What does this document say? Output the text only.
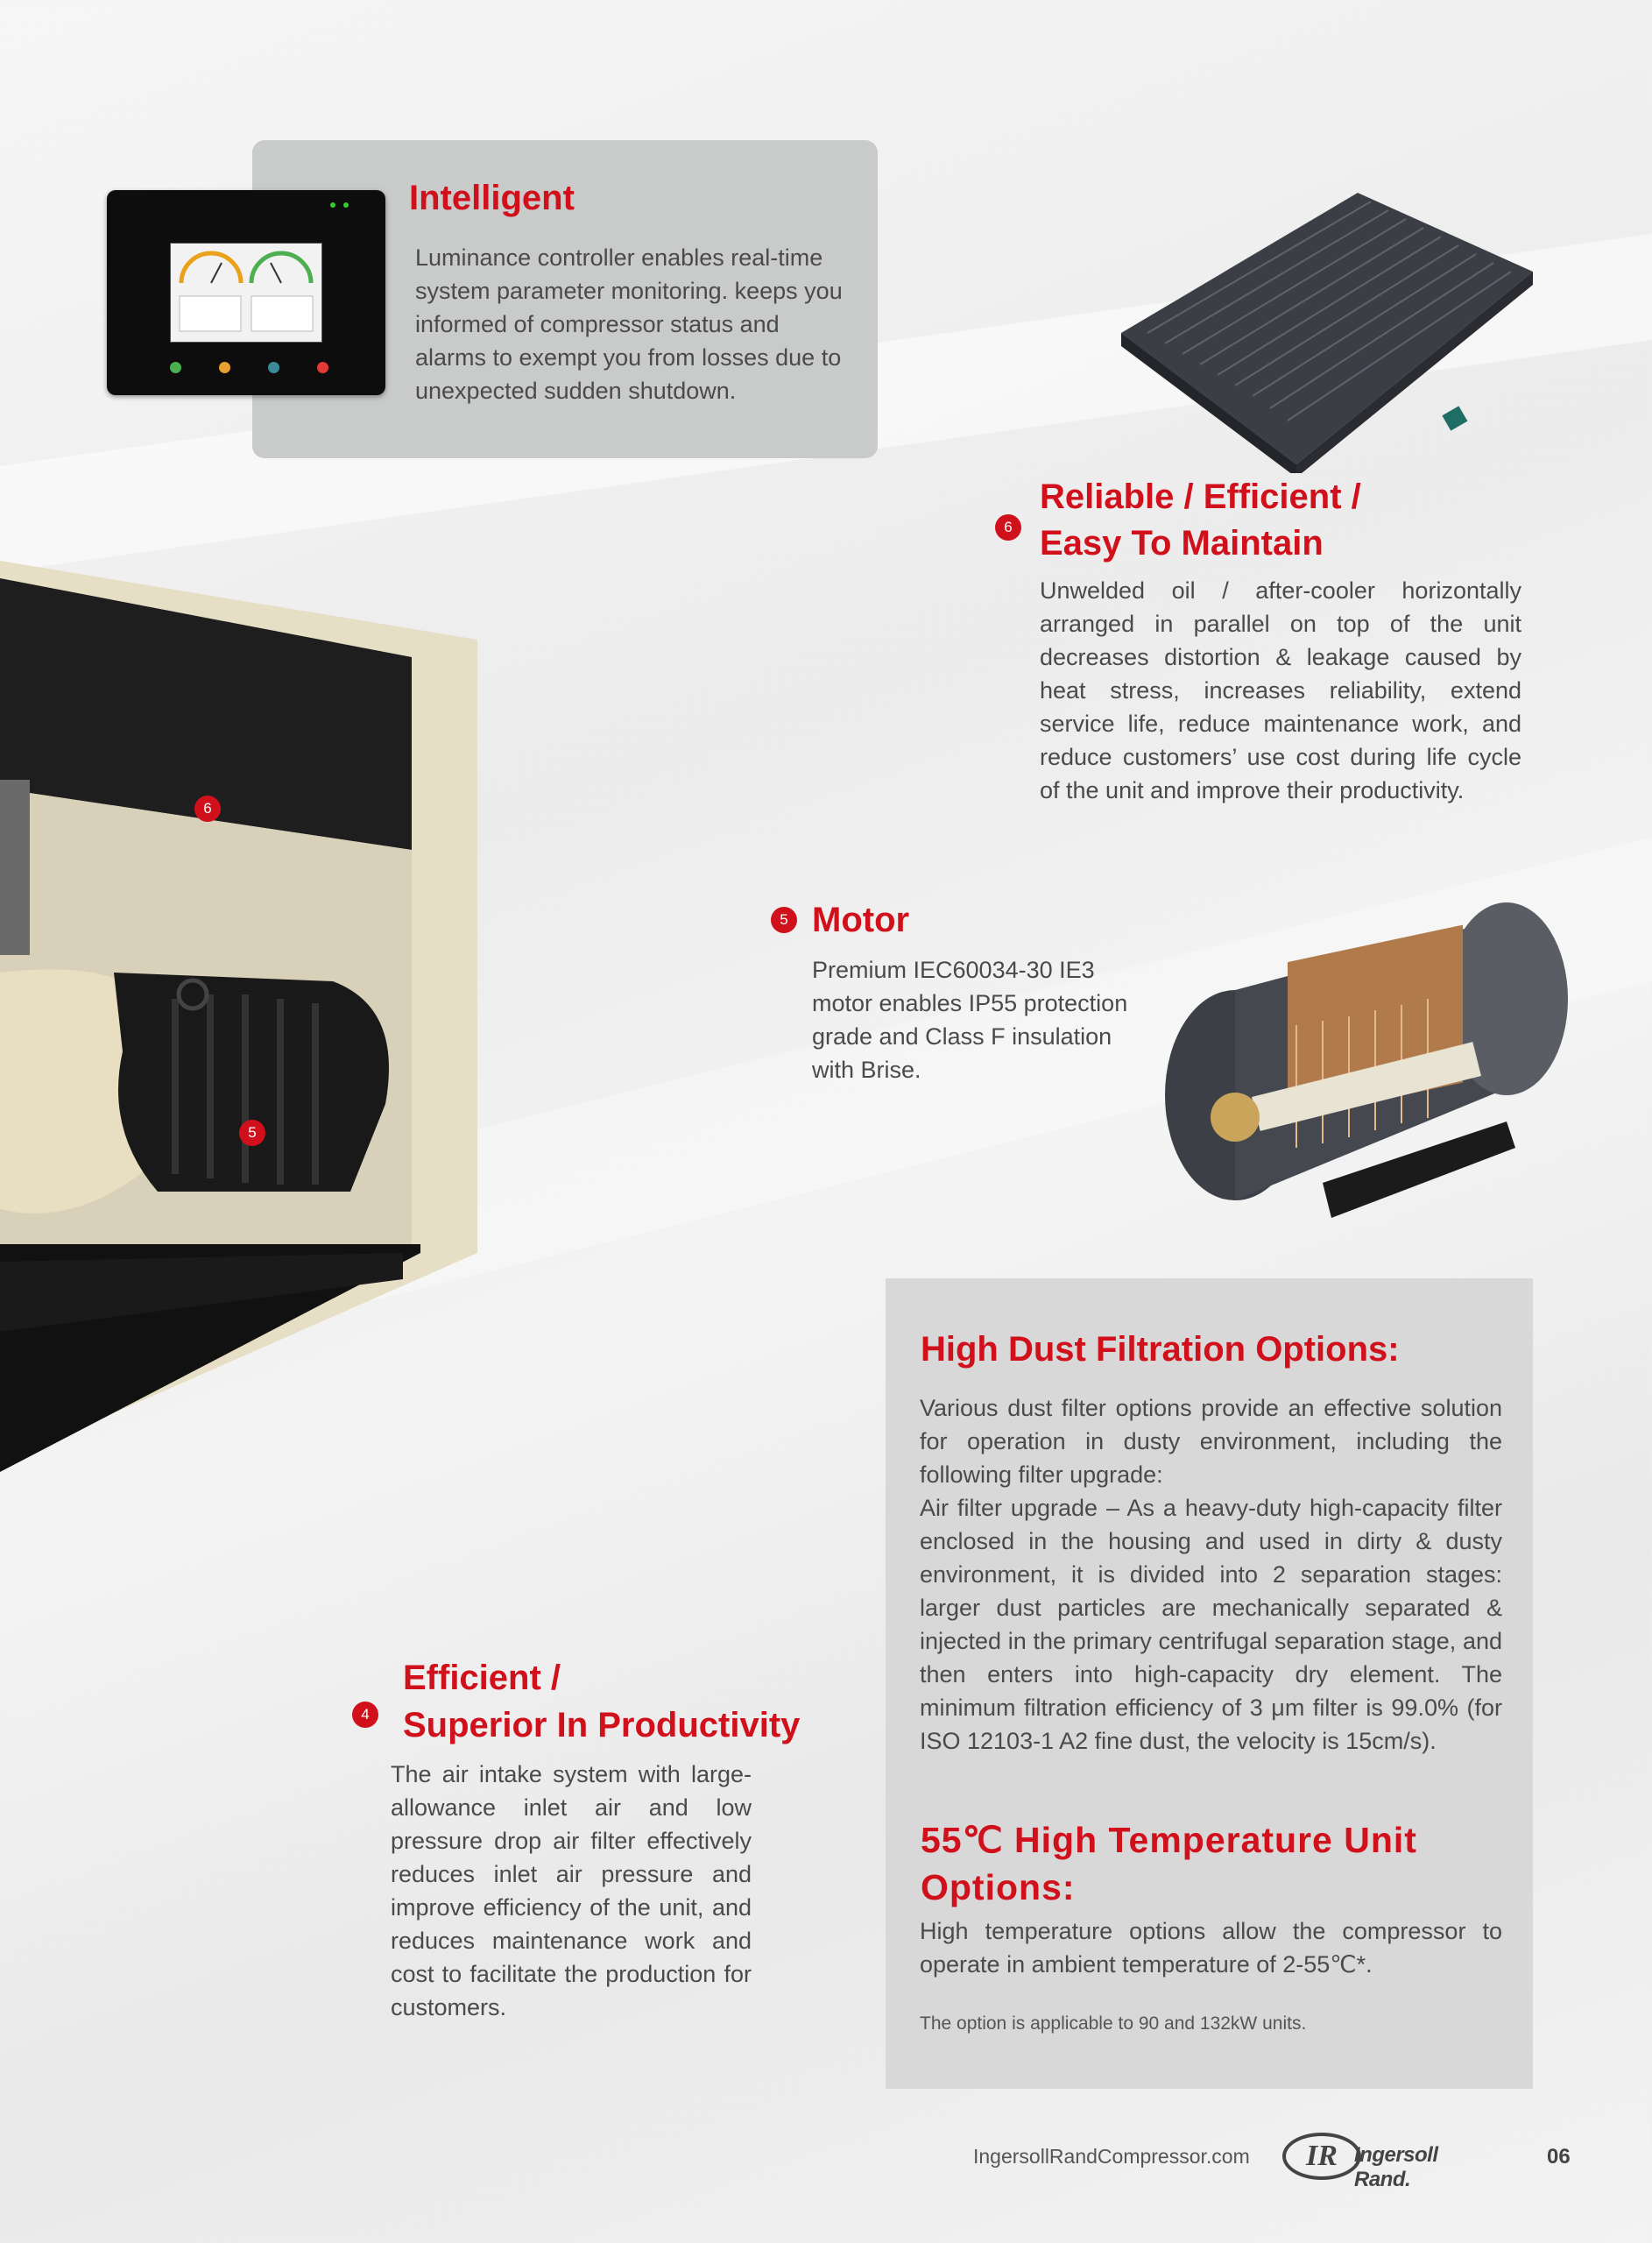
Intelligent
Luminance controller enables real-time system parameter monitoring. keeps you informed of compressor status and alarms to exempt you from losses due to unexpected sudden shutdown.
6
Reliable / Efficient /
Easy To Maintain
Unwelded oil / after-cooler horizontally arranged in parallel on top of the unit decreases distortion & leakage caused by heat stress, increases reliability, extend service life, reduce maintenance work, and reduce customers’ use cost during life cycle of the unit and improve their productivity.
6
5
5 Motor
Premium IEC60034-30 IE3 motor enables IP55 protection grade and Class F insulation with Brise.
High Dust Filtration Options:
Various dust filter options provide an effective solution for operation in dusty environment, including the following filter upgrade:
Air filter upgrade – As a heavy-duty high-capacity filter enclosed in the housing and used in dirty & dusty environment, it is divided into 2 separation stages: larger dust particles are mechanically separated & injected in the primary centrifugal separation stage, and then enters into high-capacity dry element. The minimum filtration efficiency of 3 μm filter is 99.0% (for ISO 12103-1 A2 fine dust, the velocity is 15cm/s).
55℃ High Temperature Unit Options:
High temperature options allow the compressor to operate in ambient temperature of 2-55℃*.
The option is applicable to 90 and 132kW units.
4
Efficient /
Superior In Productivity
The air intake system with large-allowance inlet air and low pressure drop air filter effectively reduces inlet air pressure and improve efficiency of the unit, and reduces maintenance work and cost to facilitate the production for customers.
IngersollRandCompressor.com	IR Ingersoll Rand.
06
